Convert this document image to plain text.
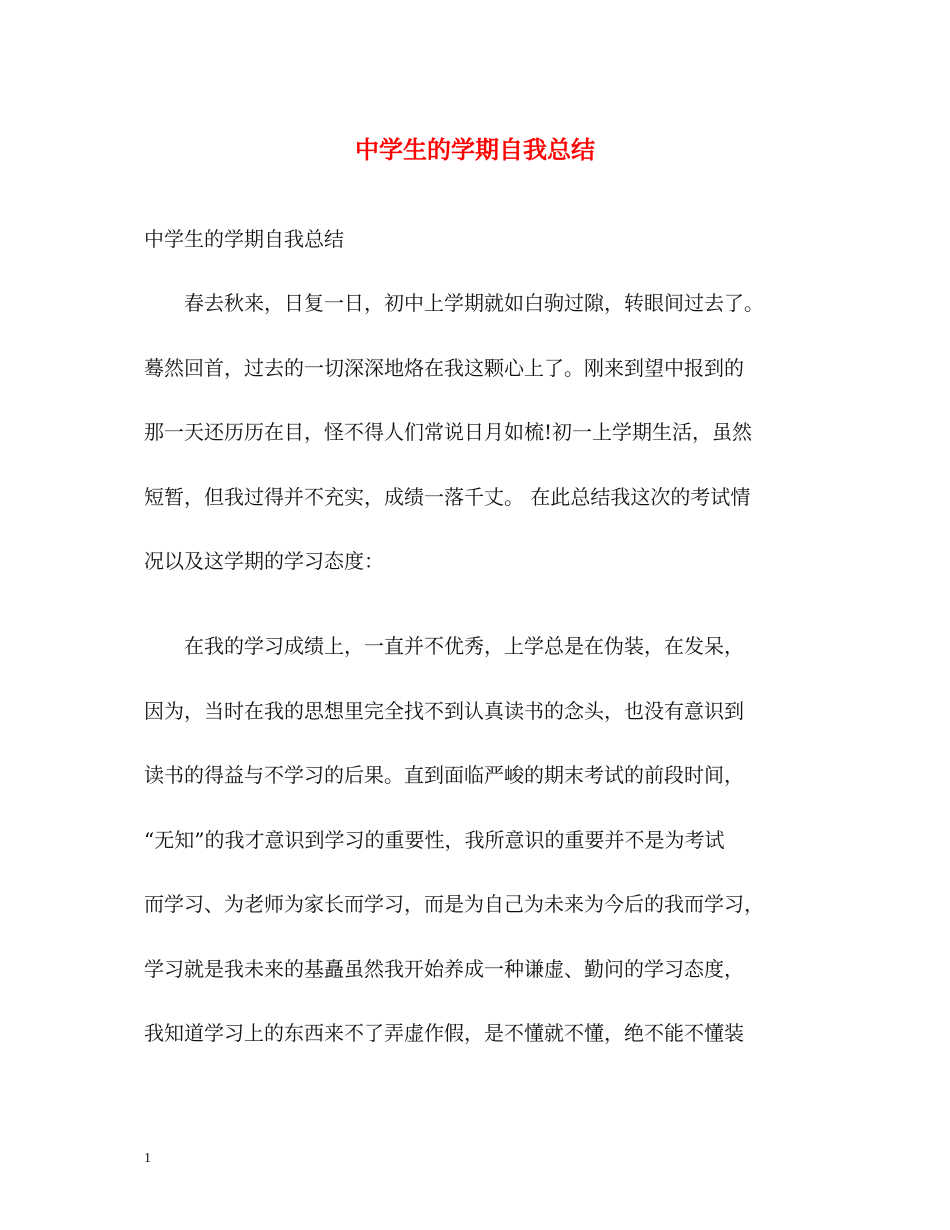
中学生的学期自我总结
中学生的学期自我总结
　　春去秋来，日复一日，初中上学期就如白驹过隙，转眼间过去了。
蓦然回首，过去的一切深深地烙在我这颗心上了。刚来到望中报到的
那一天还历历在目，怪不得人们常说日月如梳!初一上学期生活，虽然
短暂，但我过得并不充实，成绩一落千丈。 在此总结我这次的考试情
况以及这学期的学习态度：
　　在我的学习成绩上，一直并不优秀，上学总是在伪装，在发呆，
因为，当时在我的思想里完全找不到认真读书的念头，也没有意识到
读书的得益与不学习的后果。直到面临严峻的期末考试的前段时间，
“无知”的我才意识到学习的重要性，我所意识的重要并不是为考试
而学习、为老师为家长而学习，而是为自己为未来为今后的我而学习，
学习就是我未来的基矗虽然我开始养成一种谦虚、勤问的学习态度，
我知道学习上的东西来不了弄虚作假，是不懂就不懂，绝不能不懂装
1
